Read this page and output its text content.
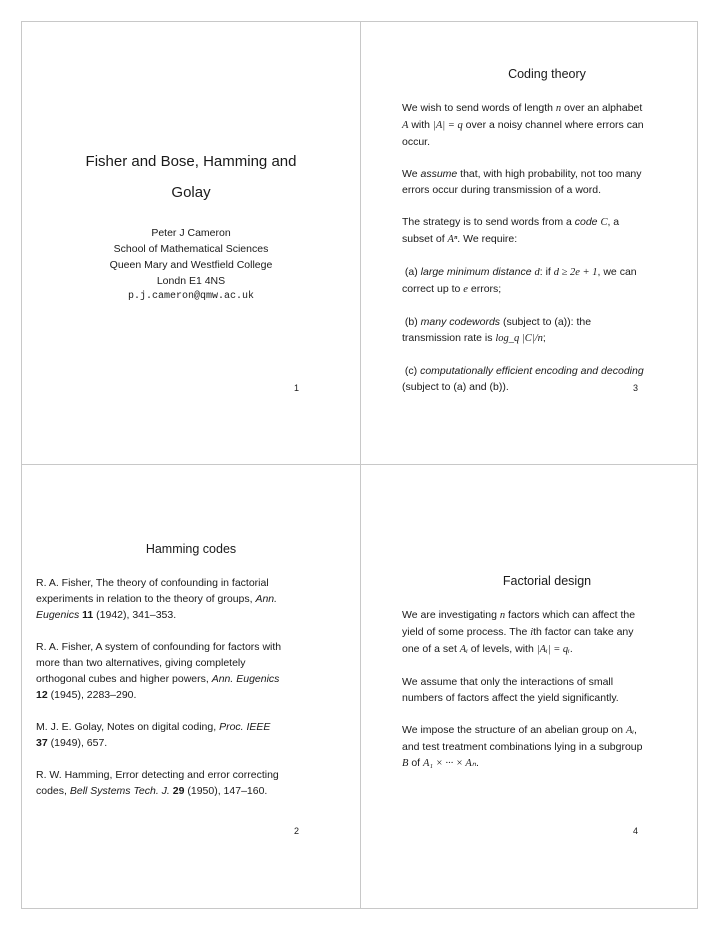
Fisher and Bose, Hamming and
Golay
Peter J Cameron
School of Mathematical Sciences
Queen Mary and Westfield College
Londn E1 4NS
p.j.cameron@qmw.ac.uk
1
Coding theory

We wish to send words of length n over an alphabet
A with |A| = q over a noisy channel where errors can
occur.

We assume that, with high probability, not too many
errors occur during transmission of a word.

The strategy is to send words from a code C, a
subset of Aⁿ. We require:

(a) large minimum distance d: if d ≥ 2e + 1, we can
correct up to e errors;

(b) many codewords (subject to (a)): the
transmission rate is log_q |C|/n;

(c) computationally efficient encoding and decoding
(subject to (a) and (b)).	3
Hamming codes

R. A. Fisher, The theory of confounding in factorial
experiments in relation to the theory of groups, Ann.
Eugenics 11 (1942), 341–353.

R. A. Fisher, A system of confounding for factors with
more than two alternatives, giving completely
orthogonal cubes and higher powers, Ann. Eugenics
12 (1945), 2283–290.

M. J. E. Golay, Notes on digital coding, Proc. IEEE
37 (1949), 657.

R. W. Hamming, Error detecting and error correcting
codes, Bell Systems Tech. J. 29 (1950), 147–160.

2
Factorial design

We are investigating n factors which can affect the
yield of some process. The ith factor can take any
one of a set Aᵢ of levels, with |Aᵢ| = qᵢ.

We assume that only the interactions of small
numbers of factors affect the yield significantly.

We impose the structure of an abelian group on Aᵢ,
and test treatment combinations lying in a subgroup
B of A₁ × ··· × Aₙ.

4
